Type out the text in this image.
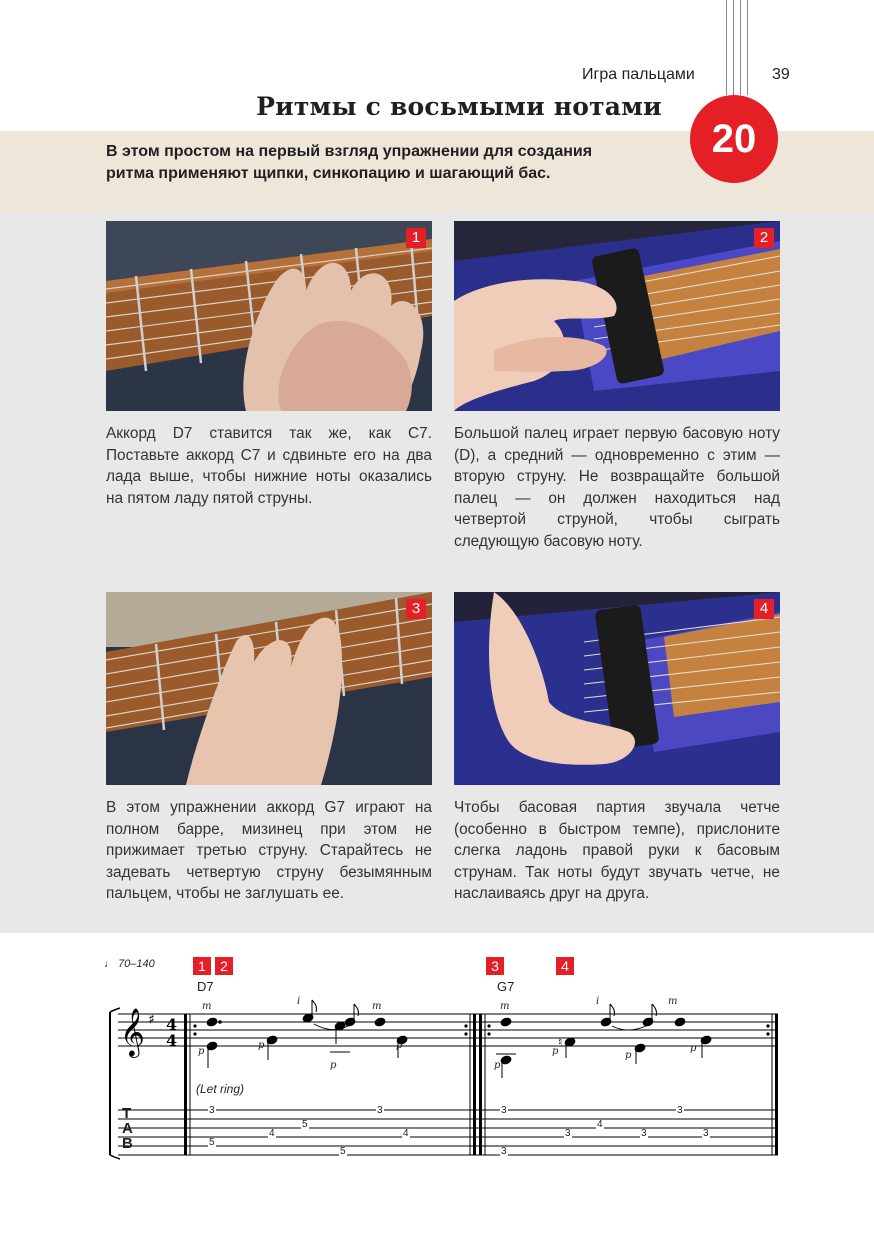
Игра пальцами	39
Ритмы с восьмыми нотами

В этом простом на первый взгляд упражнении для создания ритма применяют щипки, синкопацию и шагающий бас.

20
1	2

Аккорд D7 ставится так же, как C7. Поставьте аккорд C7 и сдвиньте его на два лада выше, чтобы нижние ноты оказались на пятом ладу пятой струны.

Большой палец играет первую басовую ноту (D), а средний — одновременно с этим — вторую струну. Не возвращайте большой палец — он должен находиться над четвертой струной, чтобы сыграть следующую басовую ноту.

3	4

В этом упражнении аккорд G7 играют на полном барре, мизинец при этом не прижимает третью струну. Старайтесь не задевать четвертую струну безымянным пальцем, чтобы не заглушать ее.

Чтобы басовая партия звучала четче (особенно в быстром темпе), прислоните слегка ладонь правой руки к басовым струнам. Так ноты будут звучать четче, не наслаиваясь друг на друга.

♩ 70–140	1	2	3	4
D7	G7
𝄞 ♯ 4
4	♮
m
p
p
i
p
m
p
m
p
p
i
p
m
p
(Let ring)
T
A
B
3
5
4
5
3
5
4
3
3
3
4
3
3
3
